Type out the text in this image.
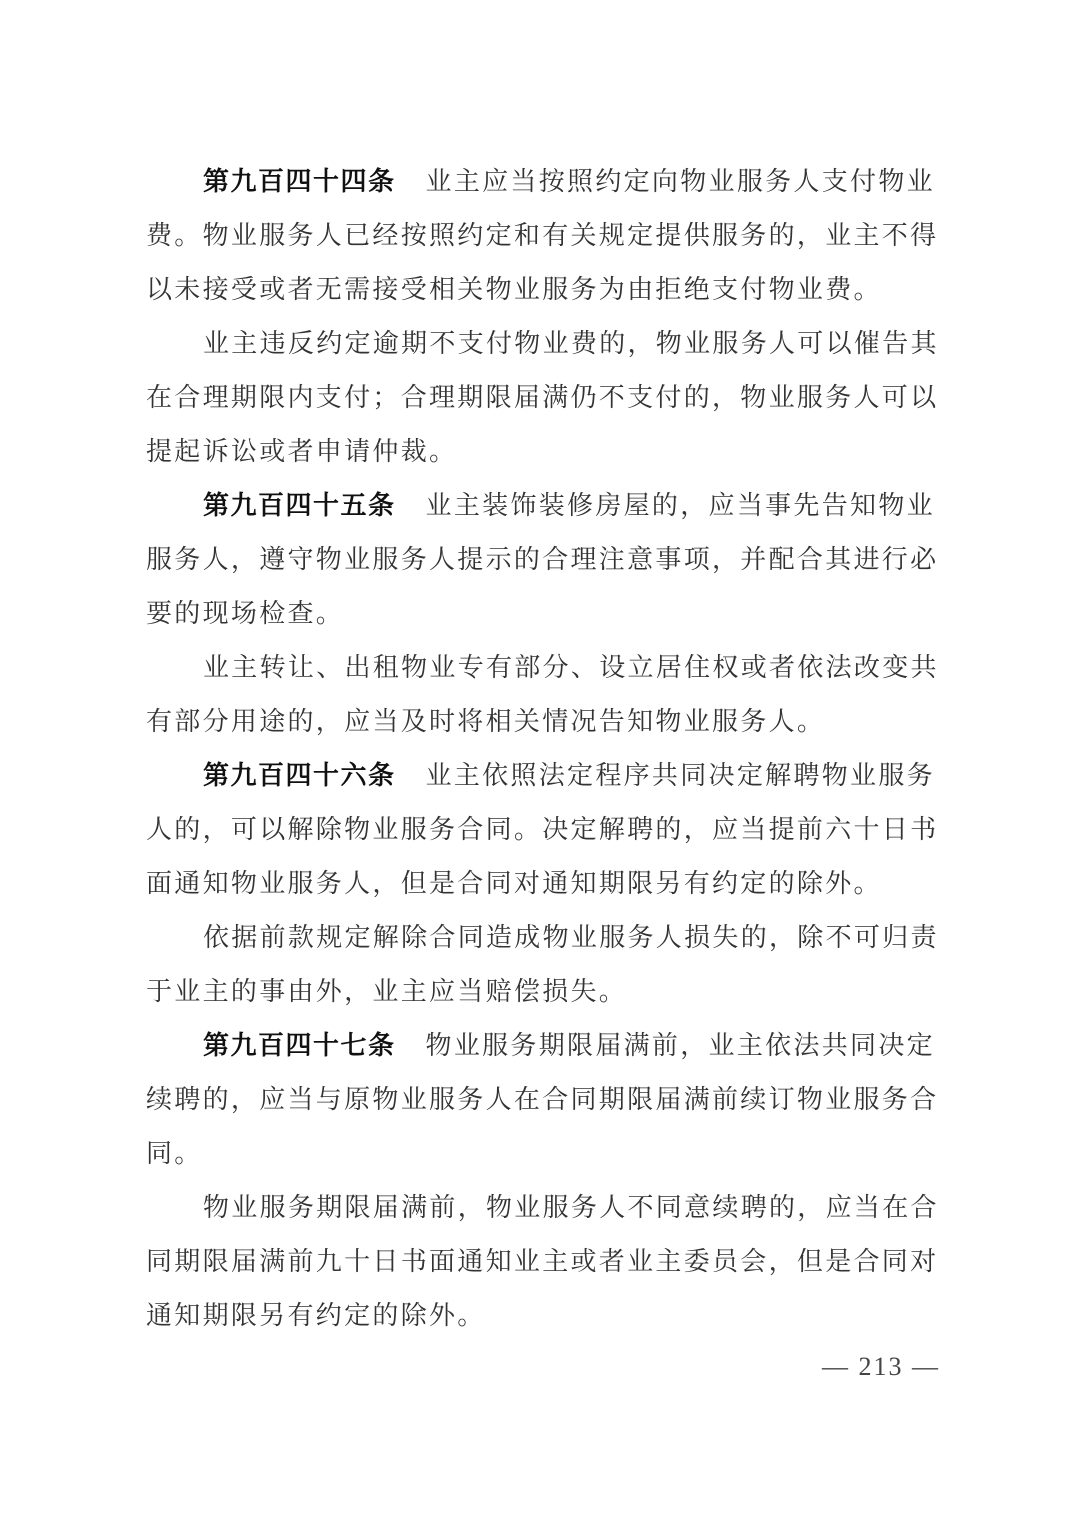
第九百四十四条 业主应当按照约定向物业服务人支付物业
费。物业服务人已经按照约定和有关规定提供服务的，业主不得
以未接受或者无需接受相关物业服务为由拒绝支付物业费。
业主违反约定逾期不支付物业费的，物业服务人可以催告其
在合理期限内支付；合理期限届满仍不支付的，物业服务人可以
提起诉讼或者申请仲裁。
第九百四十五条 业主装饰装修房屋的，应当事先告知物业
服务人，遵守物业服务人提示的合理注意事项，并配合其进行必
要的现场检查。
业主转让、出租物业专有部分、设立居住权或者依法改变共
有部分用途的，应当及时将相关情况告知物业服务人。
第九百四十六条 业主依照法定程序共同决定解聘物业服务
人的，可以解除物业服务合同。决定解聘的，应当提前六十日书
面通知物业服务人，但是合同对通知期限另有约定的除外。
依据前款规定解除合同造成物业服务人损失的，除不可归责
于业主的事由外，业主应当赔偿损失。
第九百四十七条 物业服务期限届满前，业主依法共同决定
续聘的，应当与原物业服务人在合同期限届满前续订物业服务合
同。
物业服务期限届满前，物业服务人不同意续聘的，应当在合
同期限届满前九十日书面通知业主或者业主委员会，但是合同对
通知期限另有约定的除外。
— 213 —
